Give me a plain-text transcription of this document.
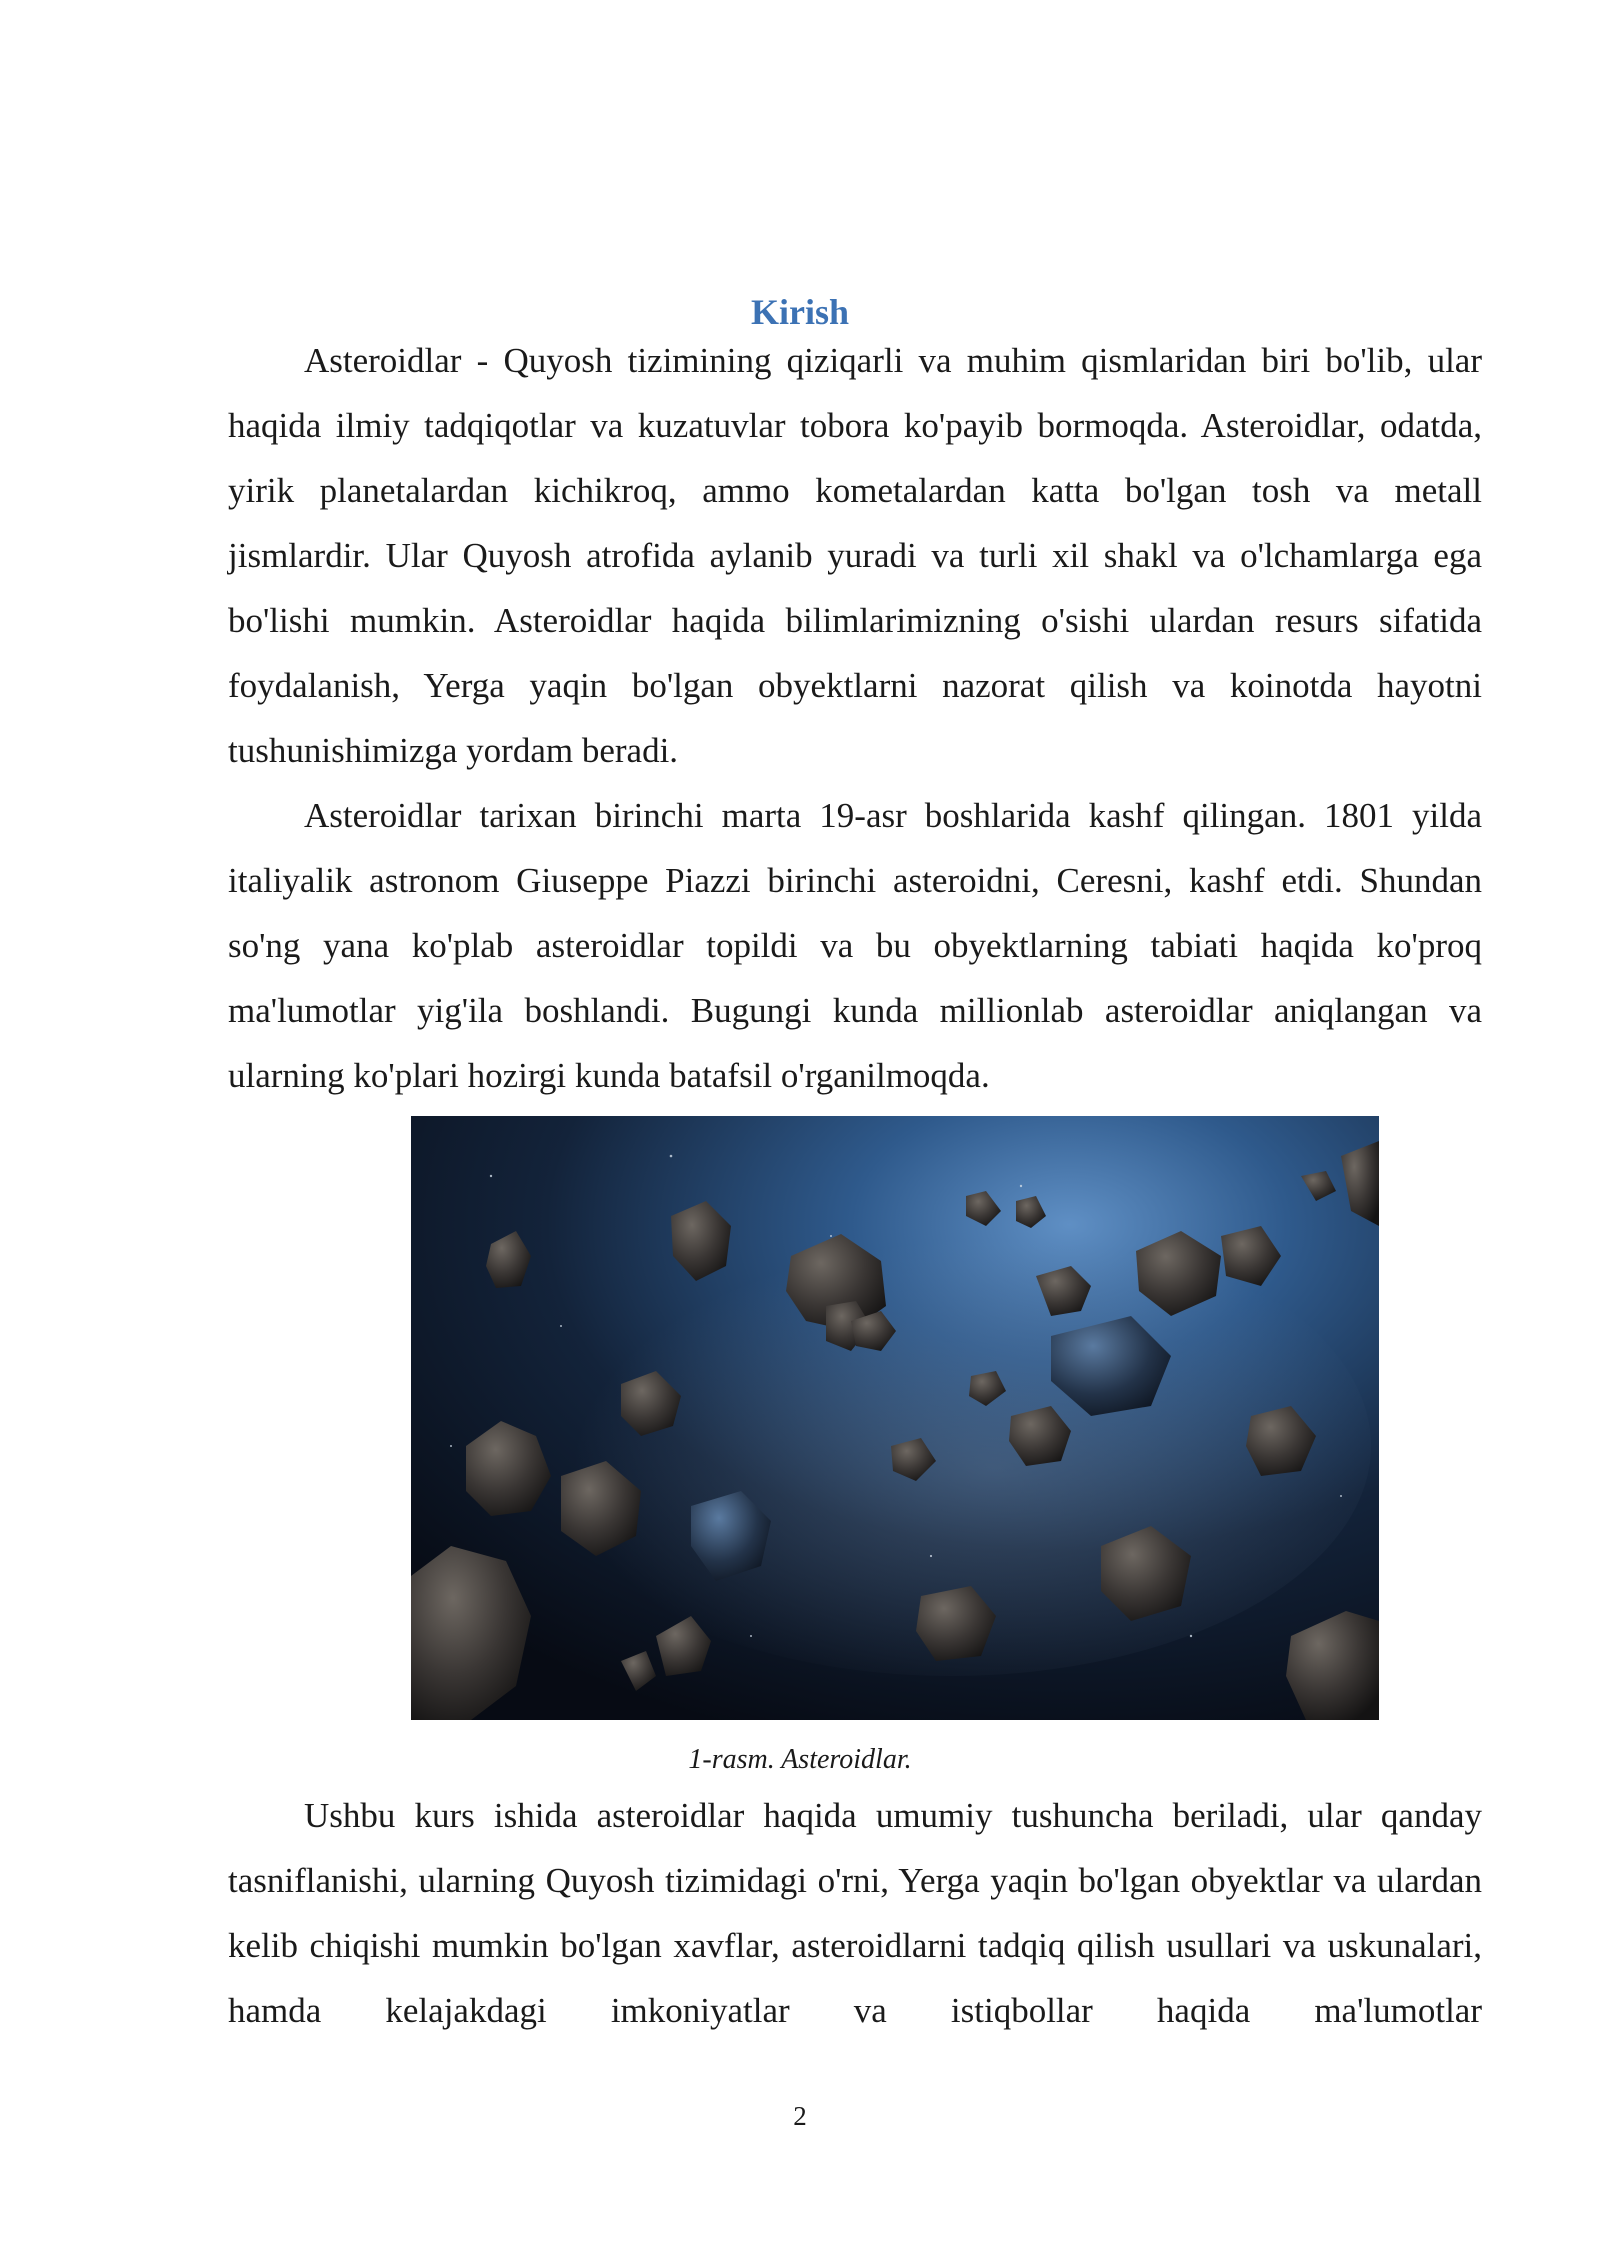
Kirish

Asteroidlar - Quyosh tizimining qiziqarli va muhim qismlaridan biri bo'lib, ular haqida ilmiy tadqiqotlar va kuzatuvlar tobora ko'payib bormoqda. Asteroidlar, odatda, yirik planetalardan kichikroq, ammo kometalardan katta bo'lgan tosh va metall jismlardir. Ular Quyosh atrofida aylanib yuradi va turli xil shakl va o'lchamlarga ega bo'lishi mumkin. Asteroidlar haqida bilimlarimizning o'sishi ulardan resurs sifatida foydalanish, Yerga yaqin bo'lgan obyektlarni nazorat qilish va koinotda hayotni tushunishimizga yordam beradi.

Asteroidlar tarixan birinchi marta 19-asr boshlarida kashf qilingan. 1801 yilda italiyalik astronom Giuseppe Piazzi birinchi asteroidni, Ceresni, kashf etdi. Shundan so'ng yana ko'plab asteroidlar topildi va bu obyektlarning tabiati haqida ko'proq ma'lumotlar yig'ila boshlandi. Bugungi kunda millionlab asteroidlar aniqlangan va ularning ko'plari hozirgi kunda batafsil o'rganilmoqda.

1-rasm. Asteroidlar.

Ushbu kurs ishida asteroidlar haqida umumiy tushuncha beriladi, ular qanday tasniflanishi, ularning Quyosh tizimidagi o'rni, Yerga yaqin bo'lgan obyektlar va ulardan kelib chiqishi mumkin bo'lgan xavflar, asteroidlarni tadqiq qilish usullari va uskunalari, hamda kelajakdagi imkoniyatlar va istiqbollar haqida ma'lumotlar

2
